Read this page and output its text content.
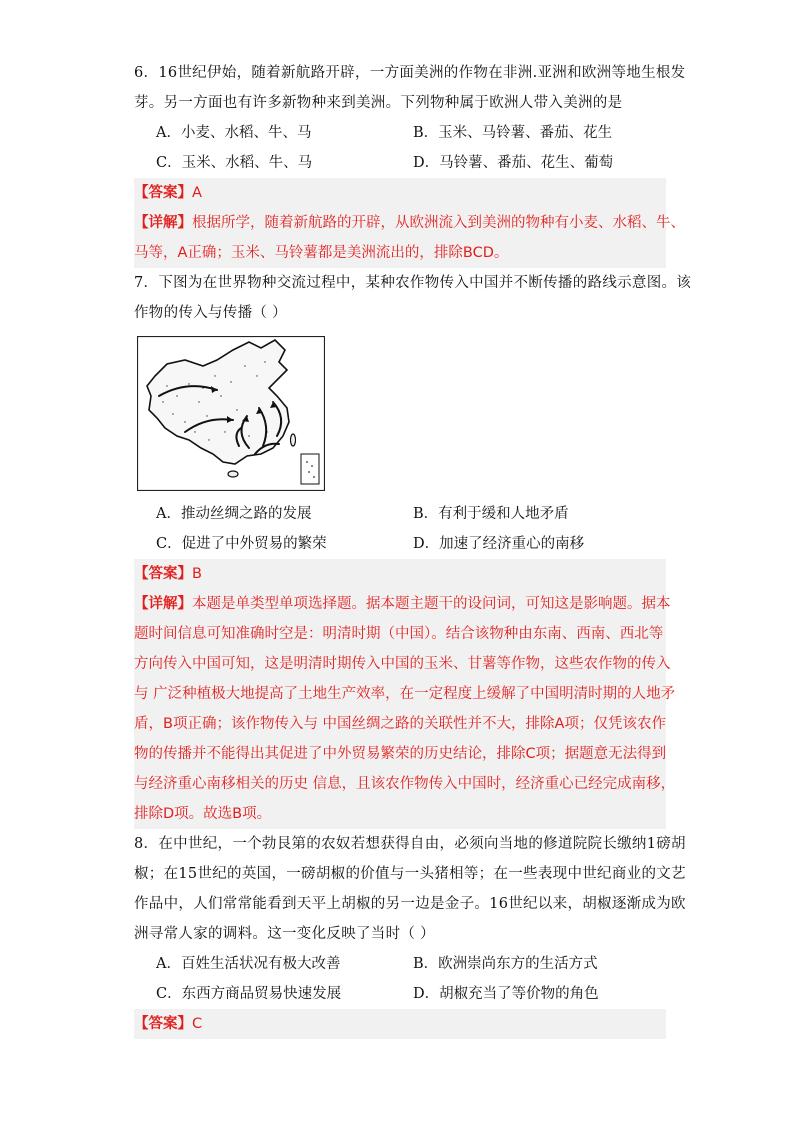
6．16世纪伊始，随着新航路开辟，一方面美洲的作物在非洲.亚洲和欧洲等地生根发
芽。另一方面也有许多新物种来到美洲。下列物种属于欧洲人带入美洲的是
A．小麦、水稻、牛、马	B．玉米、马铃薯、番茄、花生
C．玉米、水稻、牛、马	D．马铃薯、番茄、花生、葡萄
【答案】A
【详解】根据所学，随着新航路的开辟，从欧洲流入到美洲的物种有小麦、水稻、牛、
马等，A正确；玉米、马铃薯都是美洲流出的，排除BCD。
7．下图为在世界物种交流过程中，某种农作物传入中国并不断传播的路线示意图。该
作物的传入与传播（ ）
A．推动丝绸之路的发展	B．有利于缓和人地矛盾
C．促进了中外贸易的繁荣	D．加速了经济重心的南移
【答案】B
【详解】本题是单类型单项选择题。据本题主题干的设问词，可知这是影响题。据本
题时间信息可知准确时空是：明清时期（中国）。结合该物种由东南、西南、西北等
方向传入中国可知，这是明清时期传入中国的玉米、甘薯等作物，这些农作物的传入
与 广泛种植极大地提高了土地生产效率，在一定程度上缓解了中国明清时期的人地矛
盾，B项正确；该作物传入与 中国丝绸之路的关联性并不大，排除A项；仅凭该农作
物的传播并不能得出其促进了中外贸易繁荣的历史结论，排除C项；据题意无法得到
与经济重心南移相关的历史 信息，且该农作物传入中国时，经济重心已经完成南移，
排除D项。故选B项。
8．在中世纪，一个勃艮第的农奴若想获得自由，必须向当地的修道院院长缴纳1磅胡
椒；在15世纪的英国，一磅胡椒的价值与一头猪相等；在一些表现中世纪商业的文艺
作品中，人们常常能看到天平上胡椒的另一边是金子。16世纪以来，胡椒逐渐成为欧
洲寻常人家的调料。这一变化反映了当时（ ）
A．百姓生活状况有极大改善	B．欧洲崇尚东方的生活方式
C．东西方商品贸易快速发展	D．胡椒充当了等价物的角色
【答案】C
